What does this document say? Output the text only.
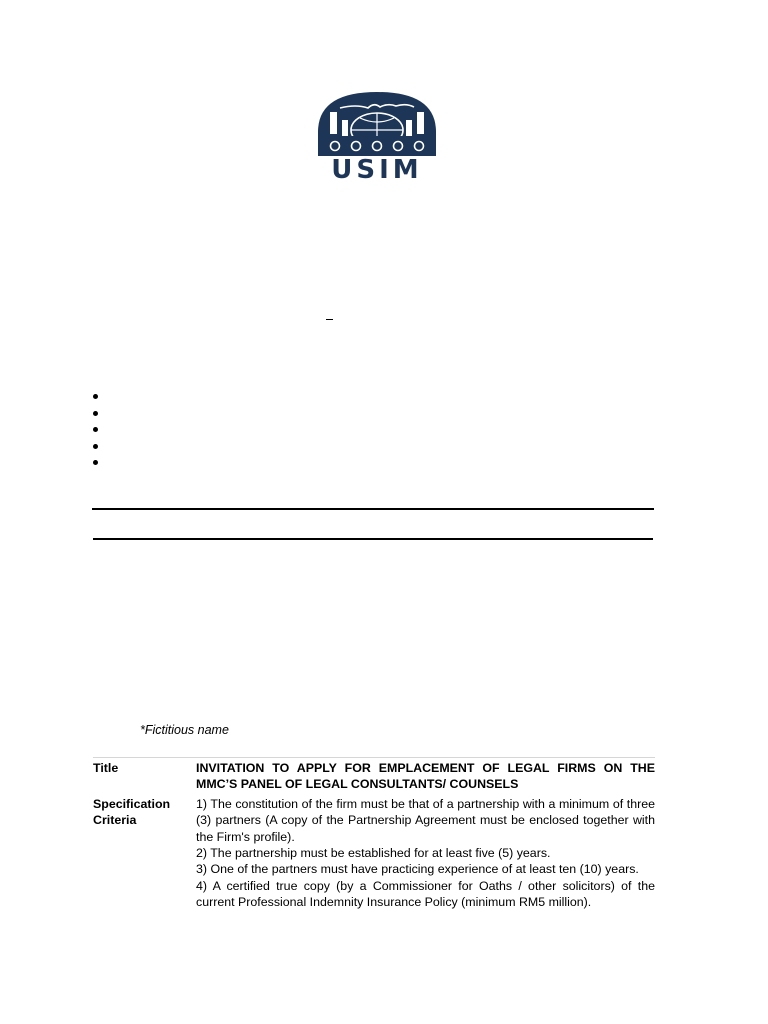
USIM
*Fictitious name
Title	INVITATION TO APPLY FOR EMPLACEMENT OF LEGAL FIRMS ON THE MMC’S PANEL OF LEGAL CONSULTANTS/ COUNSELS
Specification Criteria	1) The constitution of the firm must be that of a partnership with a minimum of three (3) partners (A copy of the Partnership Agreement must be enclosed together with the Firm's profile).
2) The partnership must be established for at least five (5) years.
3) One of the partners must have practicing experience of at least ten (10) years.
4) A certified true copy (by a Commissioner for Oaths / other solicitors) of the current Professional Indemnity Insurance Policy (minimum RM5 million).
